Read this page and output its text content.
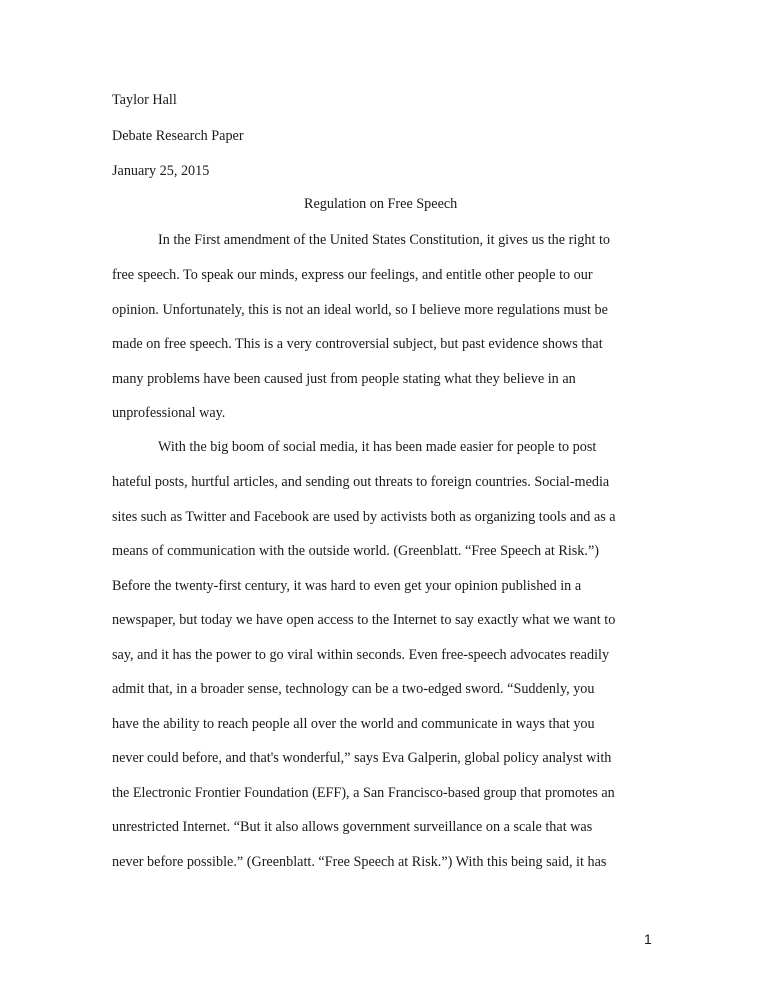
Taylor Hall
Debate Research Paper
January 25, 2015
Regulation on Free Speech
In the First amendment of the United States Constitution, it gives us the right to
free speech. To speak our minds, express our feelings, and entitle other people to our
opinion. Unfortunately, this is not an ideal world, so I believe more regulations must be
made on free speech. This is a very controversial subject, but past evidence shows that
many problems have been caused just from people stating what they believe in an
unprofessional way.
With the big boom of social media, it has been made easier for people to post
hateful posts, hurtful articles, and sending out threats to foreign countries. Social-media
sites such as Twitter and Facebook are used by activists both as organizing tools and as a
means of communication with the outside world. (Greenblatt. “Free Speech at Risk.”)
Before the twenty-first century, it was hard to even get your opinion published in a
newspaper, but today we have open access to the Internet to say exactly what we want to
say, and it has the power to go viral within seconds. Even free-speech advocates readily
admit that, in a broader sense, technology can be a two-edged sword. “Suddenly, you
have the ability to reach people all over the world and communicate in ways that you
never could before, and that's wonderful,” says Eva Galperin, global policy analyst with
the Electronic Frontier Foundation (EFF), a San Francisco-based group that promotes an
unrestricted Internet. “But it also allows government surveillance on a scale that was
never before possible.” (Greenblatt. “Free Speech at Risk.”) With this being said, it has
1
